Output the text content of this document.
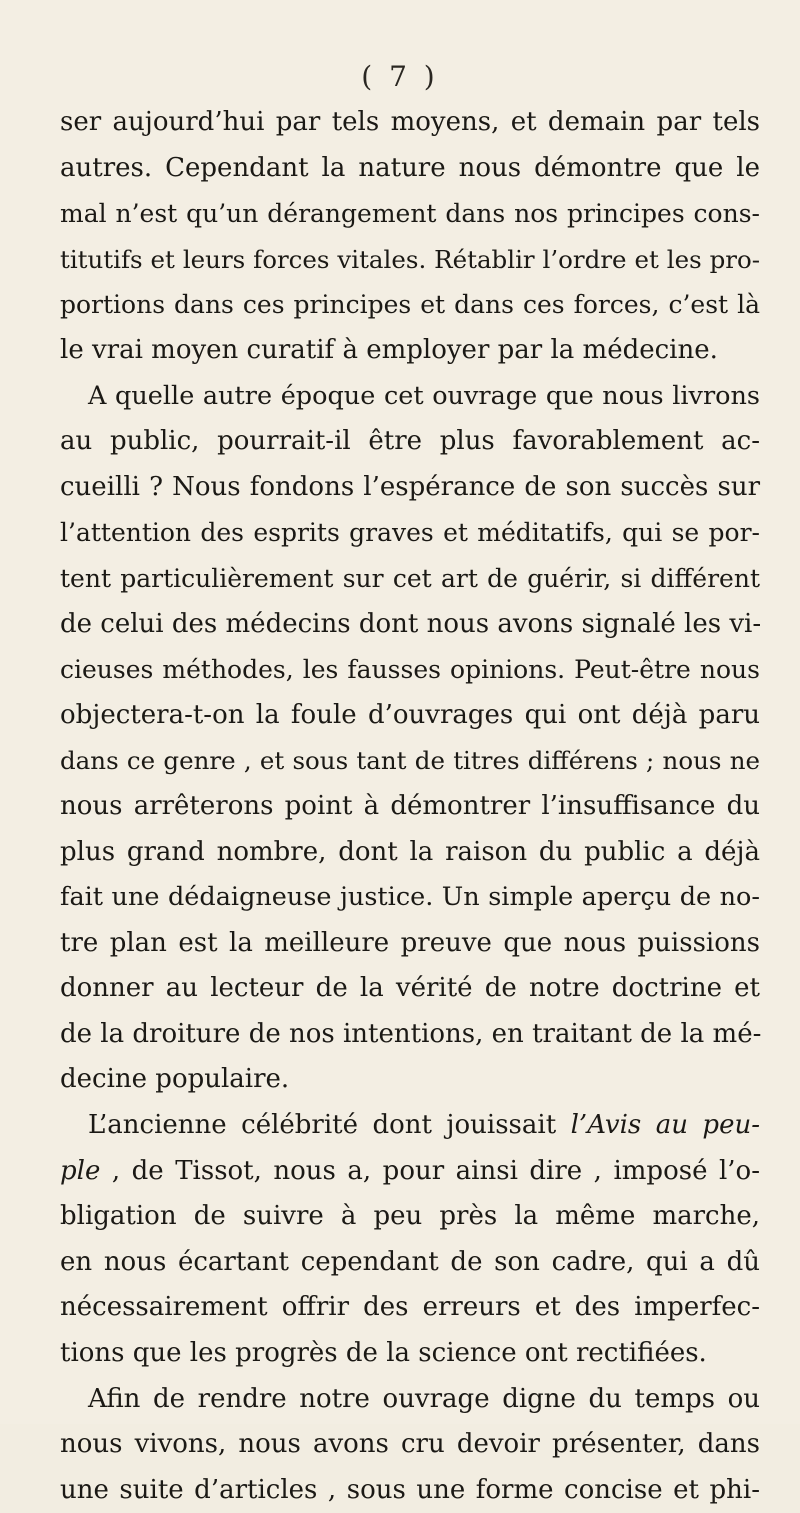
( 7 )
ser aujourd’hui par tels moyens, et demain par tels
autres. Cependant la nature nous démontre que le
mal n’est qu’un dérangement dans nos principes cons-
titutifs et leurs forces vitales. Rétablir l’ordre et les pro-
portions dans ces principes et dans ces forces, c’est là
le vrai moyen curatif à employer par la médecine.
A quelle autre époque cet ouvrage que nous livrons
au public, pourrait-il être plus favorablement ac-
cueilli ? Nous fondons l’espérance de son succès sur
l’attention des esprits graves et méditatifs, qui se por-
tent particulièrement sur cet art de guérir, si différent
de celui des médecins dont nous avons signalé les vi-
cieuses méthodes, les fausses opinions. Peut-être nous
objectera-t-on la foule d’ouvrages qui ont déjà paru
dans ce genre , et sous tant de titres différens ; nous ne
nous arrêterons point à démontrer l’insuffisance du
plus grand nombre, dont la raison du public a déjà
fait une dédaigneuse justice. Un simple aperçu de no-
tre plan est la meilleure preuve que nous puissions
donner au lecteur de la vérité de notre doctrine et
de la droiture de nos intentions, en traitant de la mé-
decine populaire.
L’ancienne célébrité dont jouissait l’Avis au peu-
ple , de Tissot, nous a, pour ainsi dire , imposé l’o-
bligation de suivre à peu près la même marche,
en nous écartant cependant de son cadre, qui a dû
nécessairement offrir des erreurs et des imperfec-
tions que les progrès de la science ont rectifiées.
Afin de rendre notre ouvrage digne du temps ou
nous vivons, nous avons cru devoir présenter, dans
une suite d’articles , sous une forme concise et phi-
